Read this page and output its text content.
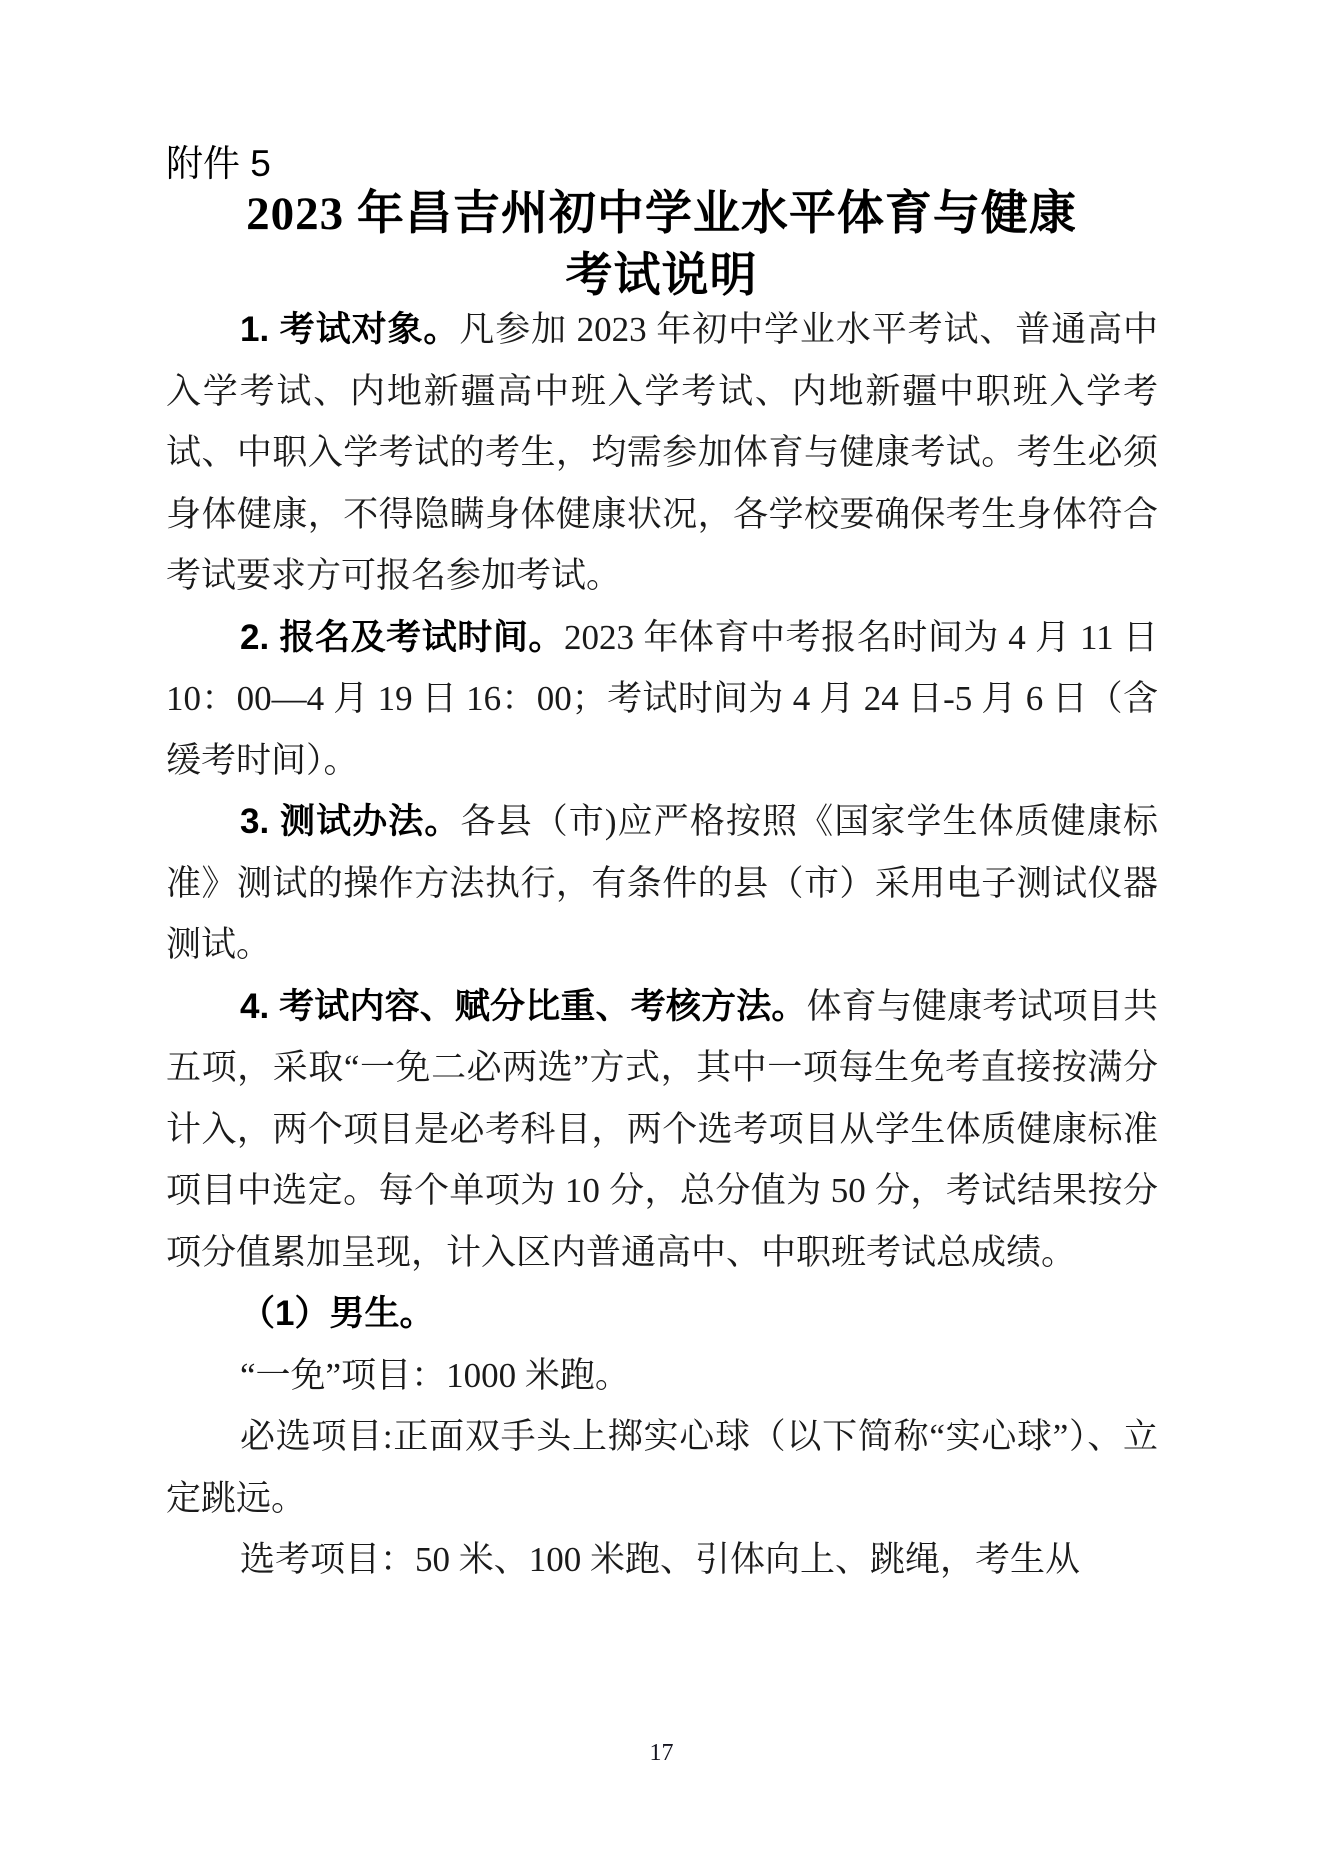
附件 5
2023 年昌吉州初中学业水平体育与健康
考试说明

1. 考试对象。凡参加 2023 年初中学业水平考试、普通高中入学考试、内地新疆高中班入学考试、内地新疆中职班入学考试、中职入学考试的考生，均需参加体育与健康考试。考生必须身体健康，不得隐瞒身体健康状况，各学校要确保考生身体符合考试要求方可报名参加考试。

2. 报名及考试时间。2023 年体育中考报名时间为 4 月 11 日 10：00—4 月 19 日 16：00；考试时间为 4 月 24 日-5 月 6 日（含缓考时间）。

3. 测试办法。各县（市)应严格按照《国家学生体质健康标准》测试的操作方法执行，有条件的县（市）采用电子测试仪器测试。

4. 考试内容、赋分比重、考核方法。体育与健康考试项目共五项，采取“一免二必两选”方式，其中一项每生免考直接按满分计入，两个项目是必考科目，两个选考项目从学生体质健康标准项目中选定。每个单项为 10 分，总分值为 50 分，考试结果按分项分值累加呈现，计入区内普通高中、中职班考试总成绩。

（1）男生。

“一免”项目：1000 米跑。

必选项目:正面双手头上掷实心球（以下简称“实心球”）、立定跳远。

选考项目：50 米、100 米跑、引体向上、跳绳，考生从

17
